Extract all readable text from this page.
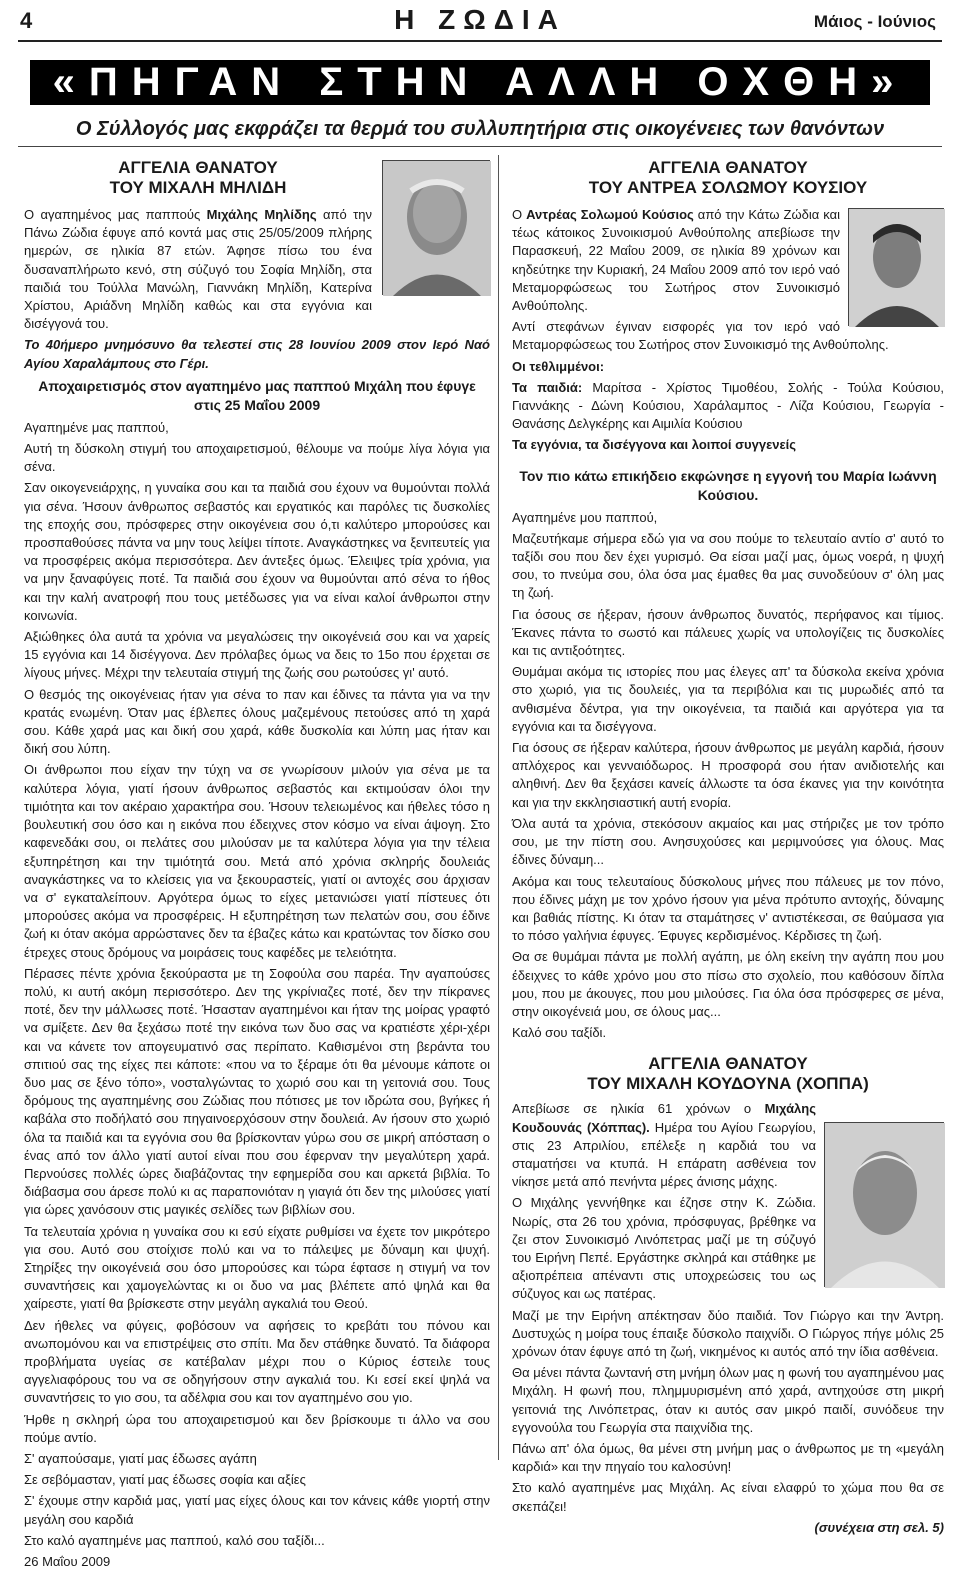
4	Η ΖΩΔΙΑ	Μάιος - Ιούνιος
«ΠΗΓΑΝ ΣΤΗΝ ΑΛΛΗ ΟΧΘΗ»
Ο Σύλλογός μας εκφράζει τα θερμά του συλλυπητήρια στις οικογένειες των θανόντων
ΑΓΓΕΛΙΑ ΘΑΝΑΤΟΥ
ΤΟΥ ΜΙΧΑΛΗ ΜΗΛΙΔΗ

Ο αγαπημένος μας παππούς Μιχάλης Μηλίδης από την Πάνω Ζώδια έφυγε από κοντά μας στις 25/05/2009 πλήρης ημερών, σε ηλικία 87 ετών. Άφησε πίσω του ένα δυσαναπλήρωτο κενό, στη σύζυγό του Σοφία Μηλίδη, στα παιδιά του Τούλλα Μανώλη, Γιαννάκη Μηλίδη, Κατερίνα Χρίστου, Αριάδνη Μηλίδη καθώς και στα εγγόνια και δισέγγονά του.

Το 40ήμερο μνημόσυνο θα τελεστεί στις 28 Ιουνίου 2009 στον Ιερό Ναό Αγίου Χαραλάμπους στο Γέρι.

Αποχαιρετισμός στον αγαπημένο μας παππού Μιχάλη που έφυγε στις 25 Μαΐου 2009

Αγαπημένε μας παππού,

Αυτή τη δύσκολη στιγμή του αποχαιρετισμού, θέλουμε να πούμε λίγα λόγια για σένα.

Σαν οικογενειάρχης, η γυναίκα σου και τα παιδιά σου έχουν να θυμούνται πολλά για σένα. Ήσουν άνθρωπος σεβαστός και εργατικός και παρόλες τις δυσκολίες της εποχής σου, πρόσφερες στην οικογένεια σου ό,τι καλύτερο μπορούσες και προσπαθούσες πάντα να μην τους λείψει τίποτε. Αναγκάστηκες να ξενιτευτείς για να προσφέρεις ακόμα περισσότερα. Δεν άντεξες όμως. Έλειψες τρία χρόνια, για να μην ξαναφύγεις ποτέ. Τα παιδιά σου έχουν να θυμούνται από σένα το ήθος και την καλή ανατροφή που τους μετέδωσες για να είναι καλοί άνθρωποι στην κοινωνία.

Αξιώθηκες όλα αυτά τα χρόνια να μεγαλώσεις την οικογένειά σου και να χαρείς 15 εγγόνια και 14 δισέγγονα. Δεν πρόλαβες όμως να δεις το 15ο που έρχεται σε λίγους μήνες. Μέχρι την τελευταία στιγμή της ζωής σου ρωτούσες γι' αυτό.

Ο θεσμός της οικογένειας ήταν για σένα το παν και έδινες τα πάντα για να την κρατάς ενωμένη. Όταν μας έβλεπες όλους μαζεμένους πετούσες από τη χαρά σου. Κάθε χαρά μας και δική σου χαρά, κάθε δυσκολία και λύπη μας ήταν και δική σου λύπη.

Οι άνθρωποι που είχαν την τύχη να σε γνωρίσουν μιλούν για σένα με τα καλύτερα λόγια, γιατί ήσουν άνθρωπος σεβαστός και εκτιμούσαν όλοι την τιμιότητα και τον ακέραιο χαρακτήρα σου. Ήσουν τελειωμένος και ήθελες τόσο η βουλευτική σου όσο και η εικόνα που έδειχνες στον κόσμο να είναι άψογη. Στο καφενεδάκι σου, οι πελάτες σου μιλούσαν με τα καλύτερα λόγια για την τέλεια εξυπηρέτηση και την τιμιότητά σου. Μετά από χρόνια σκληρής δουλειάς αναγκάστηκες να το κλείσεις για να ξεκουραστείς, γιατί οι αντοχές σου άρχισαν να σ' εγκαταλείπουν. Αργότερα όμως το είχες μετανιώσει γιατί πίστευες ότι μπορούσες ακόμα να προσφέρεις. Η εξυπηρέτηση των πελατών σου, σου έδινε ζωή κι όταν ακόμα αρρώστανες δεν τα έβαζες κάτω και κρατώντας τον δίσκο σου έτρεχες στους δρόμους να μοιράσεις τους καφέδες με τελειότητα.

Πέρασες πέντε χρόνια ξεκούραστα με τη Σοφούλα σου παρέα. Την αγαπούσες πολύ, κι αυτή ακόμη περισσότερο. Δεν της γκρίνιαζες ποτέ, δεν την πίκρανες ποτέ, δεν την μάλλωσες ποτέ. Ήσασταν αγαπημένοι και ήταν της μοίρας γραφτό να σμίξετε. Δεν θα ξεχάσω ποτέ την εικόνα των δυο σας να κρατιέστε χέρι-χέρι και να κάνετε τον απογευματινό σας περίπατο. Καθισμένοι στη βεράντα του σπιτιού σας της είχες πει κάποτε: «που να το ξέραμε ότι θα μένουμε κάποτε οι δυο μας σε ξένο τόπο», νοσταλγώντας το χωριό σου και τη γειτονιά σου. Τους δρόμους της αγαπημένης σου Ζώδιας που πότισες με τον ιδρώτα σου, βγήκες ή καβάλα στο ποδήλατό σου πηγαινοερχόσουν στην δουλειά. Αν ήσουν στο χωριό όλα τα παιδιά και τα εγγόνια σου θα βρίσκονταν γύρω σου σε μικρή απόσταση ο ένας από τον άλλο γιατί αυτοί είναι που σου έφερναν την μεγαλύτερη χαρά. Περνούσες πολλές ώρες διαβάζοντας την εφημερίδα σου και αρκετά βιβλία. Το διάβασμα σου άρεσε πολύ κι ας παραπονιόταν η γιαγιά ότι δεν της μιλούσες γιατί για ώρες χανόσουν στις μαγικές σελίδες των βιβλίων σου.

Τα τελευταία χρόνια η γυναίκα σου κι εσύ είχατε ρυθμίσει να έχετε τον μικρότερο για σου. Αυτό σου στοίχισε πολύ και να το πάλεψες με δύναμη και ψυχή. Στηρίξες την οικογένειά σου όσο μπορούσες και τώρα έφτασε η στιγμή να τον συναντήσεις και χαμογελώντας κι οι δυο να μας βλέπετε από ψηλά και θα χαίρεστε, γιατί θα βρίσκεστε στην μεγάλη αγκαλιά του Θεού.

Δεν ήθελες να φύγεις, φοβόσουν να αφήσεις το κρεβάτι του πόνου και ανωπομόνου και να επιστρέψεις στο σπίτι. Μα δεν στάθηκε δυνατό. Τα διάφορα προβλήματα υγείας σε κατέβαλαν μέχρι που ο Κύριος έστειλε τους αγγελιαφόρους του να σε οδηγήσουν στην αγκαλιά του. Κι εσεί εκεί ψηλά να συναντήσεις το γιο σου, τα αδέλφια σου και τον αγαπημένο σου γιο.

Ήρθε η σκληρή ώρα του αποχαιρετισμού και δεν βρίσκουμε τι άλλο να σου πούμε αντίο.

Σ' αγαπούσαμε, γιατί μας έδωσες αγάπη

Σε σεβόμασταν, γιατί μας έδωσες σοφία και αξίες

Σ' έχουμε στην καρδιά μας, γιατί μας είχες όλους και τον κάνεις κάθε γιορτή στην μεγάλη σου καρδιά

Στο καλό αγαπημένε μας παππού, καλό σου ταξίδι...

26 Μαΐου 2009

ΑΓΓΕΛΙΑ ΘΑΝΑΤΟΥ
ΤΟΥ ΑΝΤΡΕΑ ΣΟΛΩΜΟΥ ΚΟΥΣΙΟΥ

Ο Αντρέας Σολωμού Κούσιος από την Κάτω Ζώδια και τέως κάτοικος Συνοικισμού Ανθούπολης απεβίωσε την Παρασκευή, 22 Μαΐου 2009, σε ηλικία 89 χρόνων και κηδεύτηκε την Κυριακή, 24 Μαΐου 2009 από τον ιερό ναό Μεταμορφώσεως του Σωτήρος στον Συνοικισμό Ανθούπολης.

Αντί στεφάνων έγιναν εισφορές για τον ιερό ναό Μεταμορφώσεως του Σωτήρος στον Συνοικισμό της Ανθούπολης.

Οι τεθλιμμένοι:

Τα παιδιά: Μαρίτσα - Χρίστος Τιμοθέου, Σολής - Τούλα Κούσιου, Γιαννάκης - Δώνη Κούσιου, Χαράλαμπος - Λίζα Κούσιου, Γεωργία - Θανάσης Δελγκέρης και Αιμιλία Κούσιου

Τα εγγόνια, τα δισέγγονα και λοιποί συγγενείς

Τον πιο κάτω επικήδειο εκφώνησε η εγγονή του Μαρία Ιωάννη Κούσιου.

Αγαπημένε μου παππού,

Μαζευτήκαμε σήμερα εδώ για να σου πούμε το τελευταίο αντίο σ' αυτό το ταξίδι σου που δεν έχει γυρισμό. Θα είσαι μαζί μας, όμως νοερά, η ψυχή σου, το πνεύμα σου, όλα όσα μας έμαθες θα μας συνοδεύουν σ' όλη μας τη ζωή.

Για όσους σε ήξεραν, ήσουν άνθρωπος δυνατός, περήφανος και τίμιος. Έκανες πάντα το σωστό και πάλευες χωρίς να υπολογίζεις τις δυσκολίες και τις αντιξοότητες.

Θυμάμαι ακόμα τις ιστορίες που μας έλεγες απ' τα δύσκολα εκείνα χρόνια στο χωριό, για τις δουλειές, για τα περιβόλια και τις μυρωδιές από τα ανθισμένα δέντρα, για την οικογένεια, τα παιδιά και αργότερα για τα εγγόνια και τα δισέγγονα.

Για όσους σε ήξεραν καλύτερα, ήσουν άνθρωπος με μεγάλη καρδιά, ήσουν απλόχερος και γενναιόδωρος. Η προσφορά σου ήταν ανιδιοτελής και αληθινή. Δεν θα ξεχάσει κανείς άλλωστε τα όσα έκανες για την κοινότητα και για την εκκλησιαστική αυτή ενορία.

Όλα αυτά τα χρόνια, στεκόσουν ακμαίος και μας στήριζες με τον τρόπο σου, με την πίστη σου. Ανησυχούσες και μεριμνούσες για όλους. Μας έδινες δύναμη...

Ακόμα και τους τελευταίους δύσκολους μήνες που πάλευες με τον πόνο, που έδινες μάχη με τον χρόνο ήσουν για μένα πρότυπο αντοχής, δύναμης και βαθιάς πίστης. Κι όταν τα σταμάτησες ν' αντιστέκεσαι, σε θαύμασα για το πόσο γαλήνια έφυγες. Έφυγες κερδισμένος. Κέρδισες τη ζωή.

Θα σε θυμάμαι πάντα με πολλή αγάπη, με όλη εκείνη την αγάπη που μου έδειχνες το κάθε χρόνο μου στο πίσω στο σχολείο, που καθόσουν δίπλα μου, που με άκουγες, που μου μιλούσες. Για όλα όσα πρόσφερες σε μένα, στην οικογένειά μου, σε όλους μας...

Καλό σου ταξίδι.

ΑΓΓΕΛΙΑ ΘΑΝΑΤΟΥ
ΤΟΥ ΜΙΧΑΛΗ ΚΟΥΔΟΥΝΑ (ΧΟΠΠΑ)

Απεβίωσε σε ηλικία 61 χρόνων ο Μιχάλης Κουδουνάς (Χόππας). Ημέρα του Αγίου Γεωργίου, στις 23 Απριλίου, επέλεξε η καρδιά του να σταματήσει να κτυπά. Η επάρατη ασθένεια τον νίκησε μετά από πενήντα μέρες άνισης μάχης.

Ο Μιχάλης γεννήθηκε και έζησε στην Κ. Ζώδια. Νωρίς, στα 26 του χρόνια, πρόσφυγας, βρέθηκε να ζει στον Συνοικισμό Λινόπετρας μαζί με τη σύζυγό του Ειρήνη Πεπέ. Εργάστηκε σκληρά και στάθηκε με αξιοπρέπεια απέναντι στις υποχρεώσεις του ως σύζυγος και ως πατέρας.

Μαζί με την Ειρήνη απέκτησαν δύο παιδιά. Τον Γιώργο και την Άντρη. Δυστυχώς η μοίρα τους έπαιξε δύσκολο παιχνίδι. Ο Γιώργος πήγε μόλις 25 χρόνων όταν έφυγε από τη ζωή, νικημένος κι αυτός από την ίδια ασθένεια.

Θα μένει πάντα ζωντανή στη μνήμη όλων μας η φωνή του αγαπημένου μας Μιχάλη. Η φωνή που, πλημμυρισμένη από χαρά, αντηχούσε στη μικρή γειτονιά της Λινόπετρας, όταν κι αυτός σαν μικρό παιδί, συνόδευε την εγγονούλα του Γεωργία στα παιχνίδια της.

Πάνω απ' όλα όμως, θα μένει στη μνήμη μας ο άνθρωπος με τη «μεγάλη καρδιά» και την πηγαίο του καλοσύνη!

Στο καλό αγαπημένε μας Μιχάλη. Ας είναι ελαφρύ το χώμα που θα σε σκεπάζει!

(συνέχεια στη σελ. 5)
